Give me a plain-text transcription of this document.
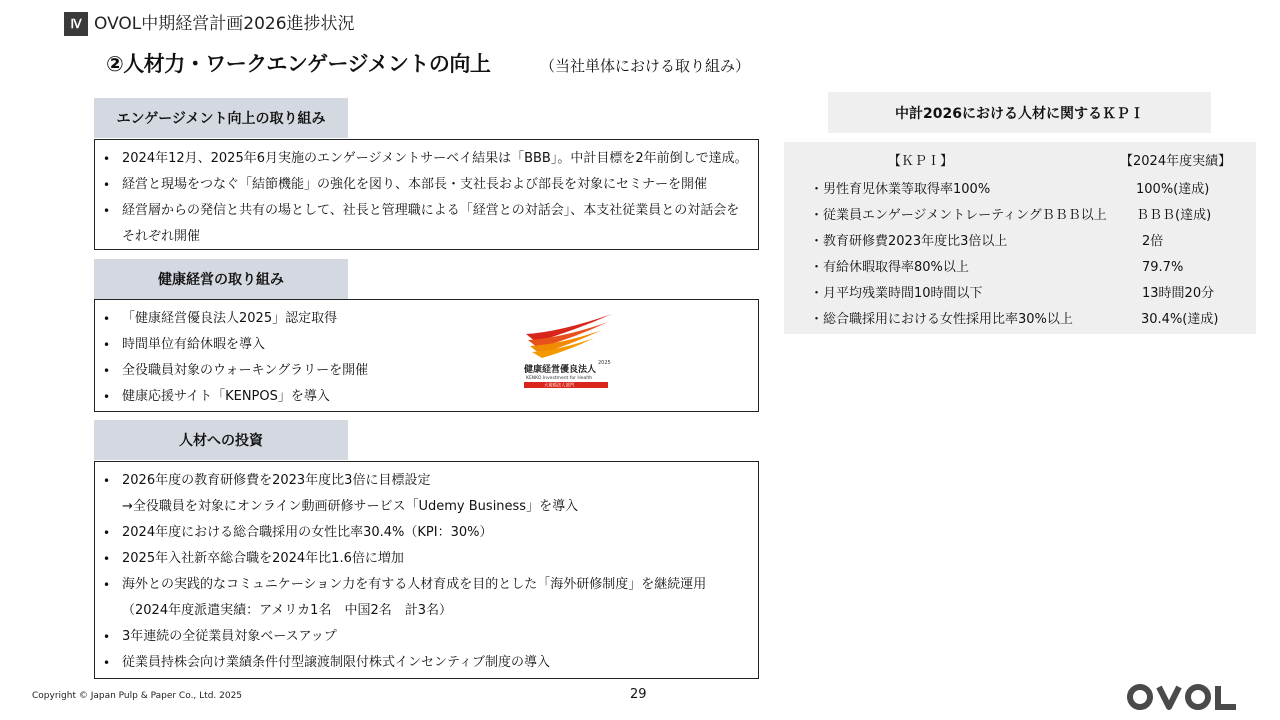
Ⅳ OVOL中期経営計画2026進捗状況
②人材力・ワークエンゲージメントの向上	（当社単体における取り組み）
エンゲージメント向上の取り組み
• 2024年12月、2025年6月実施のエンゲージメントサーベイ結果は「BBB」。中計目標を2年前倒しで達成。
• 経営と現場をつなぐ「結節機能」の強化を図り、本部長・支社長および部長を対象にセミナーを開催
• 経営層からの発信と共有の場として、社長と管理職による「経営との対話会」、本支社従業員との対話会を
それぞれ開催
健康経営の取り組み
• 「健康経営優良法人2025」認定取得
• 時間単位有給休暇を導入
• 全役職員対象のウォーキングラリーを開催
• 健康応援サイト「KENPOS」を導入
2025
健康経営優良法人
KENKO Investment for Health
大規模法人部門
人材への投資
• 2026年度の教育研修費を2023年度比3倍に目標設定
→全役職員を対象にオンライン動画研修サービス「Udemy Business」を導入
• 2024年度における総合職採用の女性比率30.4%（KPI：30%）
• 2025年入社新卒総合職を2024年比1.6倍に増加
• 海外との実践的なコミュニケーション力を有する人材育成を目的とした「海外研修制度」を継続運用
（2024年度派遣実績：アメリカ1名　中国2名　計3名）
• 3年連続の全従業員対象ベースアップ
• 従業員持株会向け業績条件付型譲渡制限付株式インセンティブ制度の導入
中計2026における人材に関するＫＰＩ
【ＫＰＩ】	【2024年度実績】
・男性育児休業等取得率100%	100%(達成)
・従業員エンゲージメントレーティングＢＢＢ以上 ＢＢＢ(達成)
・教育研修費2023年度比3倍以上	2倍
・有給休暇取得率80%以上	79.7%
・月平均残業時間10時間以下	13時間20分
・総合職採用における女性採用比率30%以上	30.4%(達成)
Copyright © Japan Pulp & Paper Co., Ltd. 2025	29
